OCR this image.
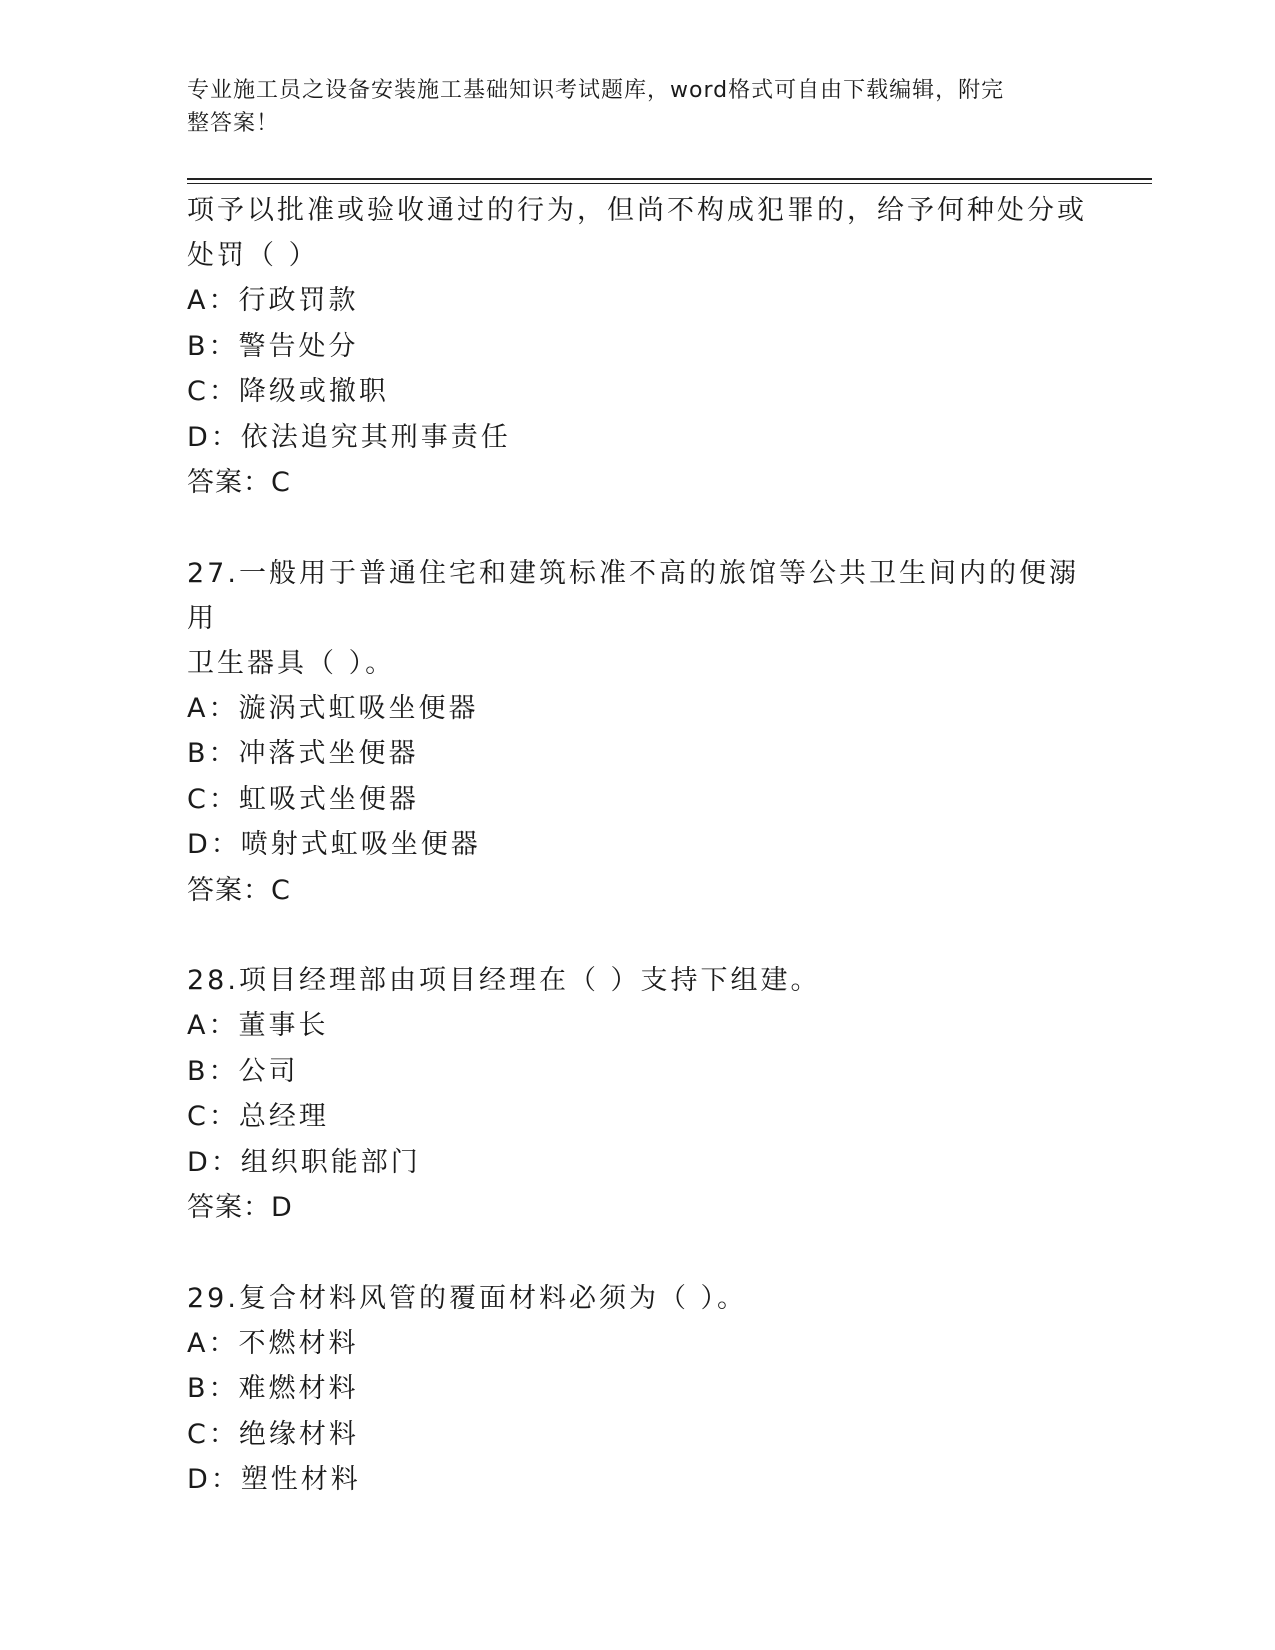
专业施工员之设备安装施工基础知识考试题库，word格式可自由下载编辑，附完
整答案！

项予以批准或验收通过的行为，但尚不构成犯罪的，给予何种处分或

处罚（ ）

A：行政罚款

B：警告处分

C：降级或撤职

D：依法追究其刑事责任

答案：C

27.一般用于普通住宅和建筑标准不高的旅馆等公共卫生间内的便溺用

卫生器具（ ）。

A：漩涡式虹吸坐便器

B：冲落式坐便器

C：虹吸式坐便器

D：喷射式虹吸坐便器

答案：C

28.项目经理部由项目经理在（ ）支持下组建。

A：董事长

B：公司

C：总经理

D：组织职能部门

答案：D

29.复合材料风管的覆面材料必须为（ ）。

A：不燃材料

B：难燃材料

C：绝缘材料

D：塑性材料
